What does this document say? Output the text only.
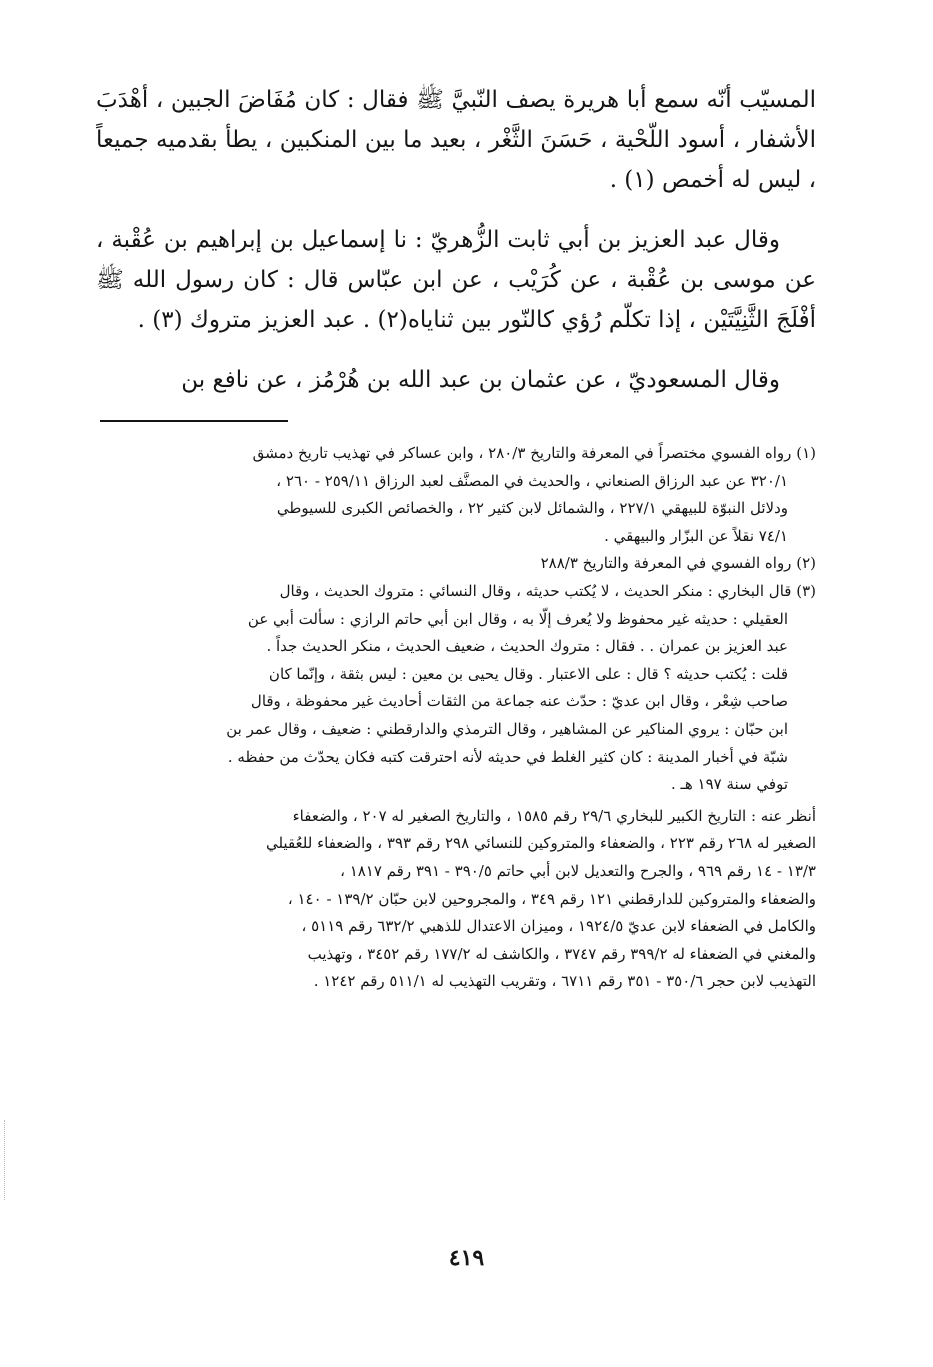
المسيّب أنّه سمع أبا هريرة يصف النّبيَّ ﷺ فقال : كان مُفَاضَ الجبين ، أهْدَبَ الأشفار ، أسود اللّحْية ، حَسَنَ الثَّغْر ، بعيد ما بين المنكبين ، يطأ بقدميه جميعاً ، ليس له أخمص (١) .

وقال عبد العزيز بن أبي ثابت الزُّهريّ : نا إسماعيل بن إبراهيم بن عُقْبة ، عن موسى بن عُقْبة ، عن كُرَيْب ، عن ابن عبّاس قال : كان رسول الله ﷺ أفْلَجَ الثَّنِيَّتَيْن ، إذا تكلّم رُؤي كالنّور بين ثناياه(٢) . عبد العزيز متروك (٣) .

وقال المسعوديّ ، عن عثمان بن عبد الله بن هُرْمُز ، عن نافع بن

(١) رواه الفسوي مختصراً في المعرفة والتاريخ ٢٨٠/٣ ، وابن عساكر في تهذيب تاريخ دمشق

٣٢٠/١ عن عبد الرزاق الصنعاني ، والحديث في المصنَّف لعبد الرزاق ٢٥٩/١١ - ٢٦٠ ،

ودلائل النبوّة للبيهقي ٢٢٧/١ ، والشمائل لابن كثير ٢٢ ، والخصائص الكبرى للسيوطي

٧٤/١ نقلاً عن البزّار والبيهقي .

(٢) رواه الفسوي في المعرفة والتاريخ ٢٨٨/٣

(٣) قال البخاري : منكر الحديث ، لا يُكتب حديثه ، وقال النسائي : متروك الحديث ، وقال

العقيلي : حديثه غير محفوظ ولا يُعرف إلّا به ، وقال ابن أبي حاتم الرازي : سألت أبي عن

عبد العزيز بن عمران . . فقال : متروك الحديث ، ضعيف الحديث ، منكر الحديث جداً .

قلت : يُكتب حديثه ؟ قال : على الاعتبار . وقال يحيى بن معين : ليس بثقة ، وإنّما كان

صاحب شِعْر ، وقال ابن عديّ : حدّث عنه جماعة من الثقات أحاديث غير محفوظة ، وقال

ابن حبّان : يروي المناكير عن المشاهير ، وقال الترمذي والدارقطني : ضعيف ، وقال عمر بن

شبّة في أخبار المدينة : كان كثير الغلط في حديثه لأنه احترقت كتبه فكان يحدّث من حفظه .

توفي سنة ١٩٧ هـ .

أنظر عنه : التاريخ الكبير للبخاري ٢٩/٦ رقم ١٥٨٥ ، والتاريخ الصغير له ٢٠٧ ، والضعفاء

الصغير له ٢٦٨ رقم ٢٢٣ ، والضعفاء والمتروكين للنسائي ٢٩٨ رقم ٣٩٣ ، والضعفاء للعُقيلي

١٣/٣ - ١٤ رقم ٩٦٩ ، والجرح والتعديل لابن أبي حاتم ٣٩٠/٥ - ٣٩١ رقم ١٨١٧ ،

والضعفاء والمتروكين للدارقطني ١٢١ رقم ٣٤٩ ، والمجروحين لابن حبّان ١٣٩/٢ - ١٤٠ ،

والكامل في الضعفاء لابن عديّ ١٩٢٤/٥ ، وميزان الاعتدال للذهبي ٦٣٢/٢ رقم ٥١١٩ ،

والمغني في الضعفاء له ٣٩٩/٢ رقم ٣٧٤٧ ، والكاشف له ١٧٧/٢ رقم ٣٤٥٢ ، وتهذيب

التهذيب لابن حجر ٣٥٠/٦ - ٣٥١ رقم ٦٧١١ ، وتقريب التهذيب له ٥١١/١ رقم ١٢٤٢ .

٤١٩
